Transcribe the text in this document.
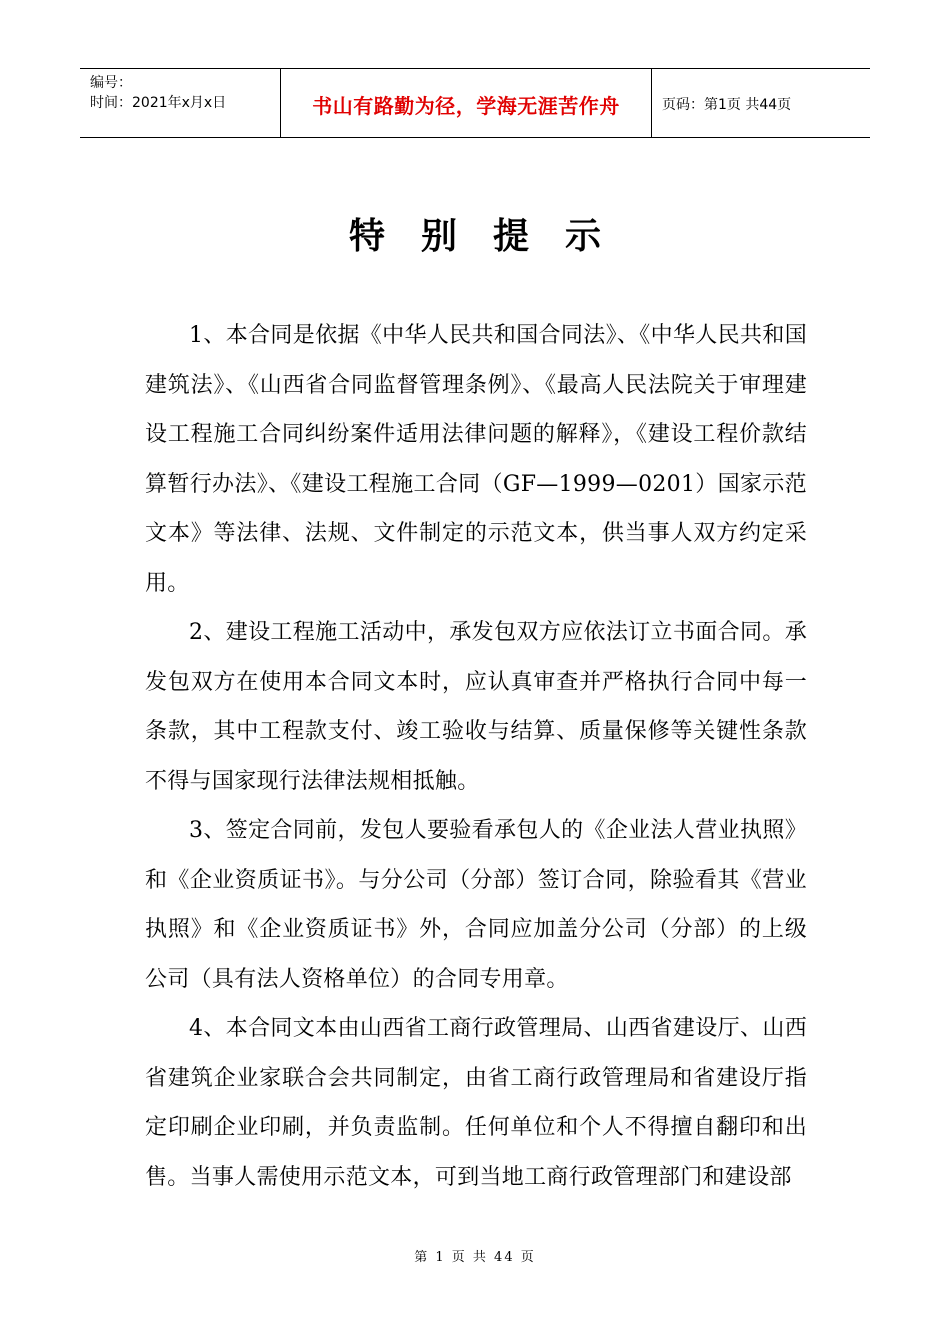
编号：
时间：2021年x月x日	书山有路勤为径，学海无涯苦作舟	页码：第1页 共44页
特别提示

1、本合同是依据《中华人民共和国合同法》、《中华人民共和国建筑法》、《山西省合同监督管理条例》、《最高人民法院关于审理建设工程施工合同纠纷案件适用法律问题的解释》，《建设工程价款结算暂行办法》、《建设工程施工合同（GF—1999—0201）国家示范文本》等法律、法规、文件制定的示范文本，供当事人双方约定采用。

2、建设工程施工活动中，承发包双方应依法订立书面合同。承发包双方在使用本合同文本时，应认真审查并严格执行合同中每一条款，其中工程款支付、竣工验收与结算、质量保修等关键性条款不得与国家现行法律法规相抵触。

3、签定合同前，发包人要验看承包人的《企业法人营业执照》和《企业资质证书》。与分公司（分部）签订合同，除验看其《营业执照》和《企业资质证书》外，合同应加盖分公司（分部）的上级公司（具有法人资格单位）的合同专用章。

4、本合同文本由山西省工商行政管理局、山西省建设厅、山西省建筑企业家联合会共同制定，由省工商行政管理局和省建设厅指定印刷企业印刷，并负责监制。任何单位和个人不得擅自翻印和出售。当事人需使用示范文本，可到当地工商行政管理部门和建设部

第 1 页 共 44 页
